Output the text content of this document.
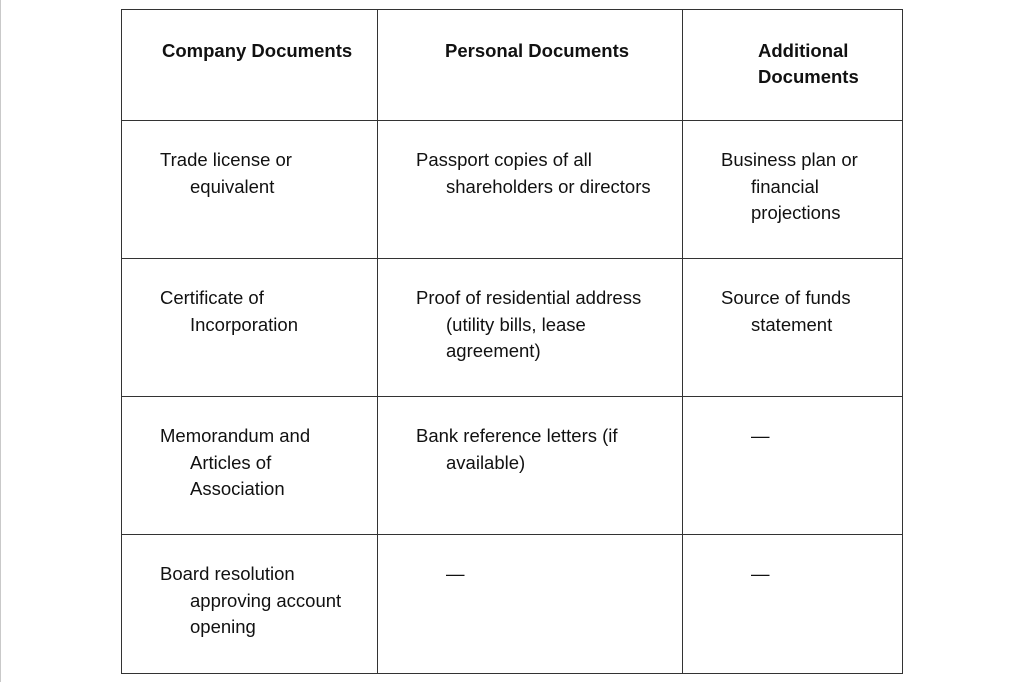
Company Documents	Personal Documents	Additional Documents

Trade license or equivalent	Passport copies of all shareholders or directors	Business plan or financial projections

Certificate of Incorporation	Proof of residential address (utility bills, lease agreement)	Source of funds statement

Memorandum and Articles of Association	Bank reference letters (if available)	—

Board resolution approving account opening	—	—
